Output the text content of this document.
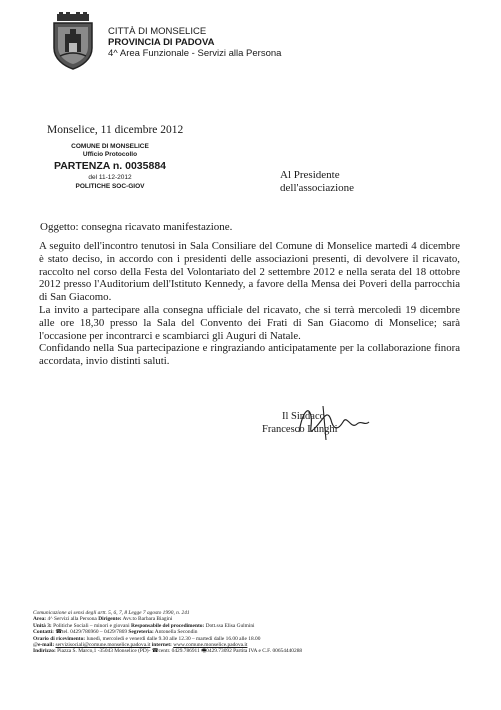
CITTÀ DI MONSELICE
PROVINCIA DI PADOVA
4^ Area Funzionale - Servizi alla Persona
Monselice, 11 dicembre 2012
COMUNE DI MONSELICE
Ufficio Protocollo
PARTENZA n. 0035884
del 11-12-2012
POLITICHE SOC-GIOV
Al Presidente
dell'associazione
Oggetto: consegna ricavato manifestazione.

A seguito dell'incontro tenutosi in Sala Consiliare del Comune di Monselice martedì 4 dicembre è stato deciso, in accordo con i presidenti delle associazioni presenti, di devolvere il ricavato, raccolto nel corso della Festa del Volontariato del 2 settembre 2012 e nella serata del 18 ottobre 2012 presso l'Auditorium dell'Istituto Kennedy, a favore della Mensa dei Poveri della parrocchia di San Giacomo.

La invito a partecipare alla consegna ufficiale del ricavato, che si terrà mercoledì 19 dicembre alle ore 18,30 presso la Sala del Convento dei Frati di San Giacomo di Monselice; sarà l'occasione per incontrarci e scambiarci gli Auguri di Natale.

Confidando nella Sua partecipazione e ringraziando anticipatamente per la collaborazione finora accordata, invio distinti saluti.

Il Sindaco
Francesco Lunghi
Comunicazione ai sensi degli artt. 5, 6, 7, 8 Legge 7 agosto 1990, n. 241
Area: 4^ Servizi alla Persona Dirigente: Avv.to Barbara Biagini
Unità 3: Politiche Sociali – minori e giovani Responsabile del procedimento: Dott.ssa Elisa Gulmini
Contatti: ☎tel. 0429/786960 – 0429/7869 Segreteria: Antonella Secondin
Orario di ricevimento: lunedì, mercoledì e venerdì dalle 9.30 alle 12.30 – martedì dalle 16.00 alle 18.00
@e-mail: servizisociali@comune.monselice.padova.it internet: www.comune.monselice.padova.it
Indirizzo: Piazza S. Marco,1 -35043 Monselice (PD)- ☎centr. 0429.786911 🖷0429.73092 Partita IVA e C.F. 00654440288
